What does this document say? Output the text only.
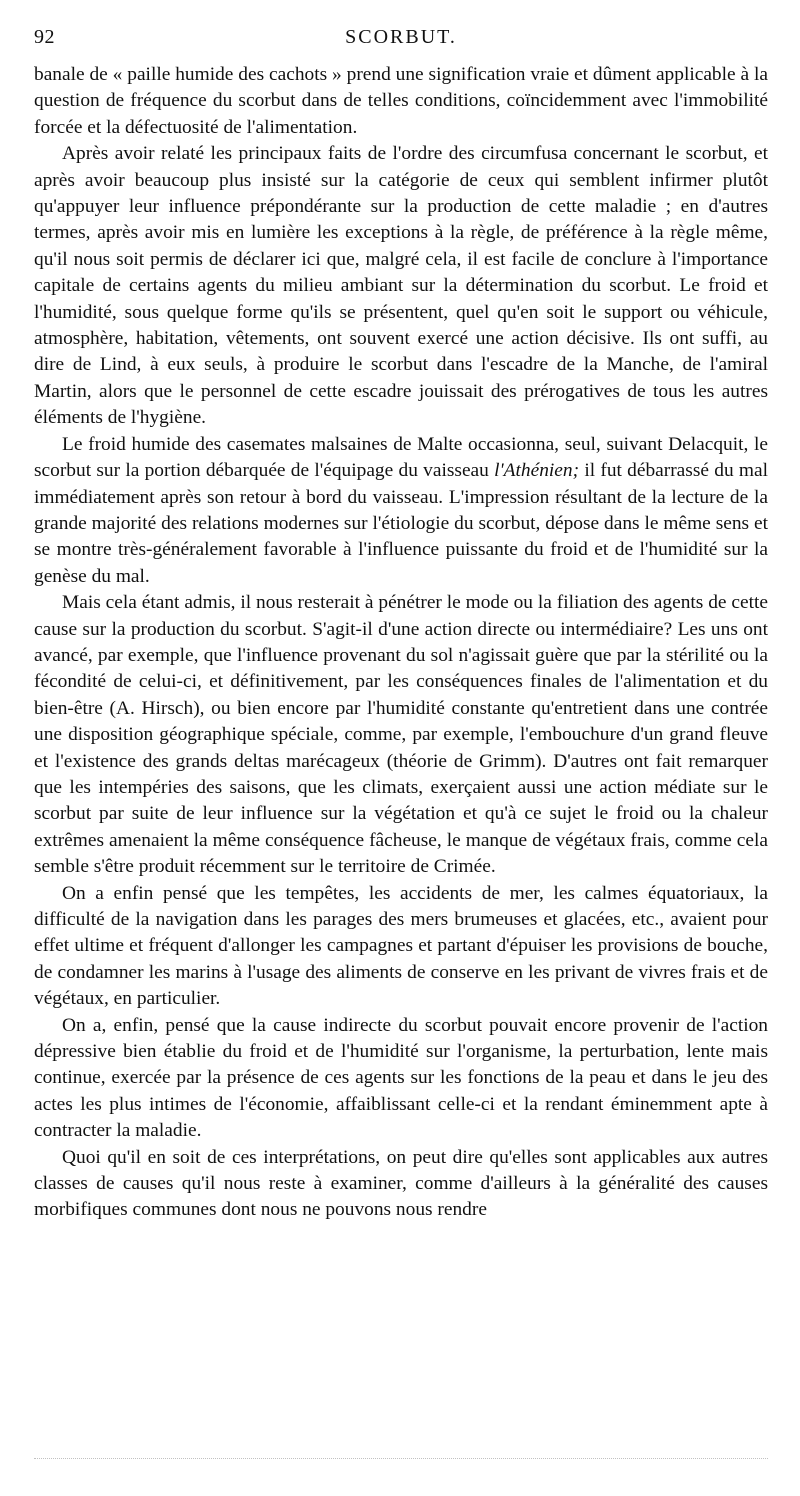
92	SCORBUT.

banale de « paille humide des cachots » prend une signification vraie et dûment applicable à la question de fréquence du scorbut dans de telles conditions, coïncidemment avec l'immobilité forcée et la défectuosité de l'alimentation.

Après avoir relaté les principaux faits de l'ordre des circumfusa concernant le scorbut, et après avoir beaucoup plus insisté sur la catégorie de ceux qui semblent infirmer plutôt qu'appuyer leur influence prépondérante sur la production de cette maladie ; en d'autres termes, après avoir mis en lumière les exceptions à la règle, de préférence à la règle même, qu'il nous soit permis de déclarer ici que, malgré cela, il est facile de conclure à l'importance capitale de certains agents du milieu ambiant sur la détermination du scorbut. Le froid et l'humidité, sous quelque forme qu'ils se présentent, quel qu'en soit le support ou véhicule, atmosphère, habitation, vêtements, ont souvent exercé une action décisive. Ils ont suffi, au dire de Lind, à eux seuls, à produire le scorbut dans l'escadre de la Manche, de l'amiral Martin, alors que le personnel de cette escadre jouissait des prérogatives de tous les autres éléments de l'hygiène.

Le froid humide des casemates malsaines de Malte occasionna, seul, suivant Delacquit, le scorbut sur la portion débarquée de l'équipage du vaisseau l'Athénien; il fut débarrassé du mal immédiatement après son retour à bord du vaisseau. L'impression résultant de la lecture de la grande majorité des relations modernes sur l'étiologie du scorbut, dépose dans le même sens et se montre très-généralement favorable à l'influence puissante du froid et de l'humidité sur la genèse du mal.

Mais cela étant admis, il nous resterait à pénétrer le mode ou la filiation des agents de cette cause sur la production du scorbut. S'agit-il d'une action directe ou intermédiaire? Les uns ont avancé, par exemple, que l'influence provenant du sol n'agissait guère que par la stérilité ou la fécondité de celui-ci, et définitivement, par les conséquences finales de l'alimentation et du bien-être (A. Hirsch), ou bien encore par l'humidité constante qu'entretient dans une contrée une disposition géographique spéciale, comme, par exemple, l'embouchure d'un grand fleuve et l'existence des grands deltas marécageux (théorie de Grimm). D'autres ont fait remarquer que les intempéries des saisons, que les climats, exerçaient aussi une action médiate sur le scorbut par suite de leur influence sur la végétation et qu'à ce sujet le froid ou la chaleur extrêmes amenaient la même conséquence fâcheuse, le manque de végétaux frais, comme cela semble s'être produit récemment sur le territoire de Crimée.

On a enfin pensé que les tempêtes, les accidents de mer, les calmes équatoriaux, la difficulté de la navigation dans les parages des mers brumeuses et glacées, etc., avaient pour effet ultime et fréquent d'allonger les campagnes et partant d'épuiser les provisions de bouche, de condamner les marins à l'usage des aliments de conserve en les privant de vivres frais et de végétaux, en particulier.

On a, enfin, pensé que la cause indirecte du scorbut pouvait encore provenir de l'action dépressive bien établie du froid et de l'humidité sur l'organisme, la perturbation, lente mais continue, exercée par la présence de ces agents sur les fonctions de la peau et dans le jeu des actes les plus intimes de l'économie, affaiblissant celle-ci et la rendant éminemment apte à contracter la maladie.

Quoi qu'il en soit de ces interprétations, on peut dire qu'elles sont applicables aux autres classes de causes qu'il nous reste à examiner, comme d'ailleurs à la généralité des causes morbifiques communes dont nous ne pouvons nous rendre
